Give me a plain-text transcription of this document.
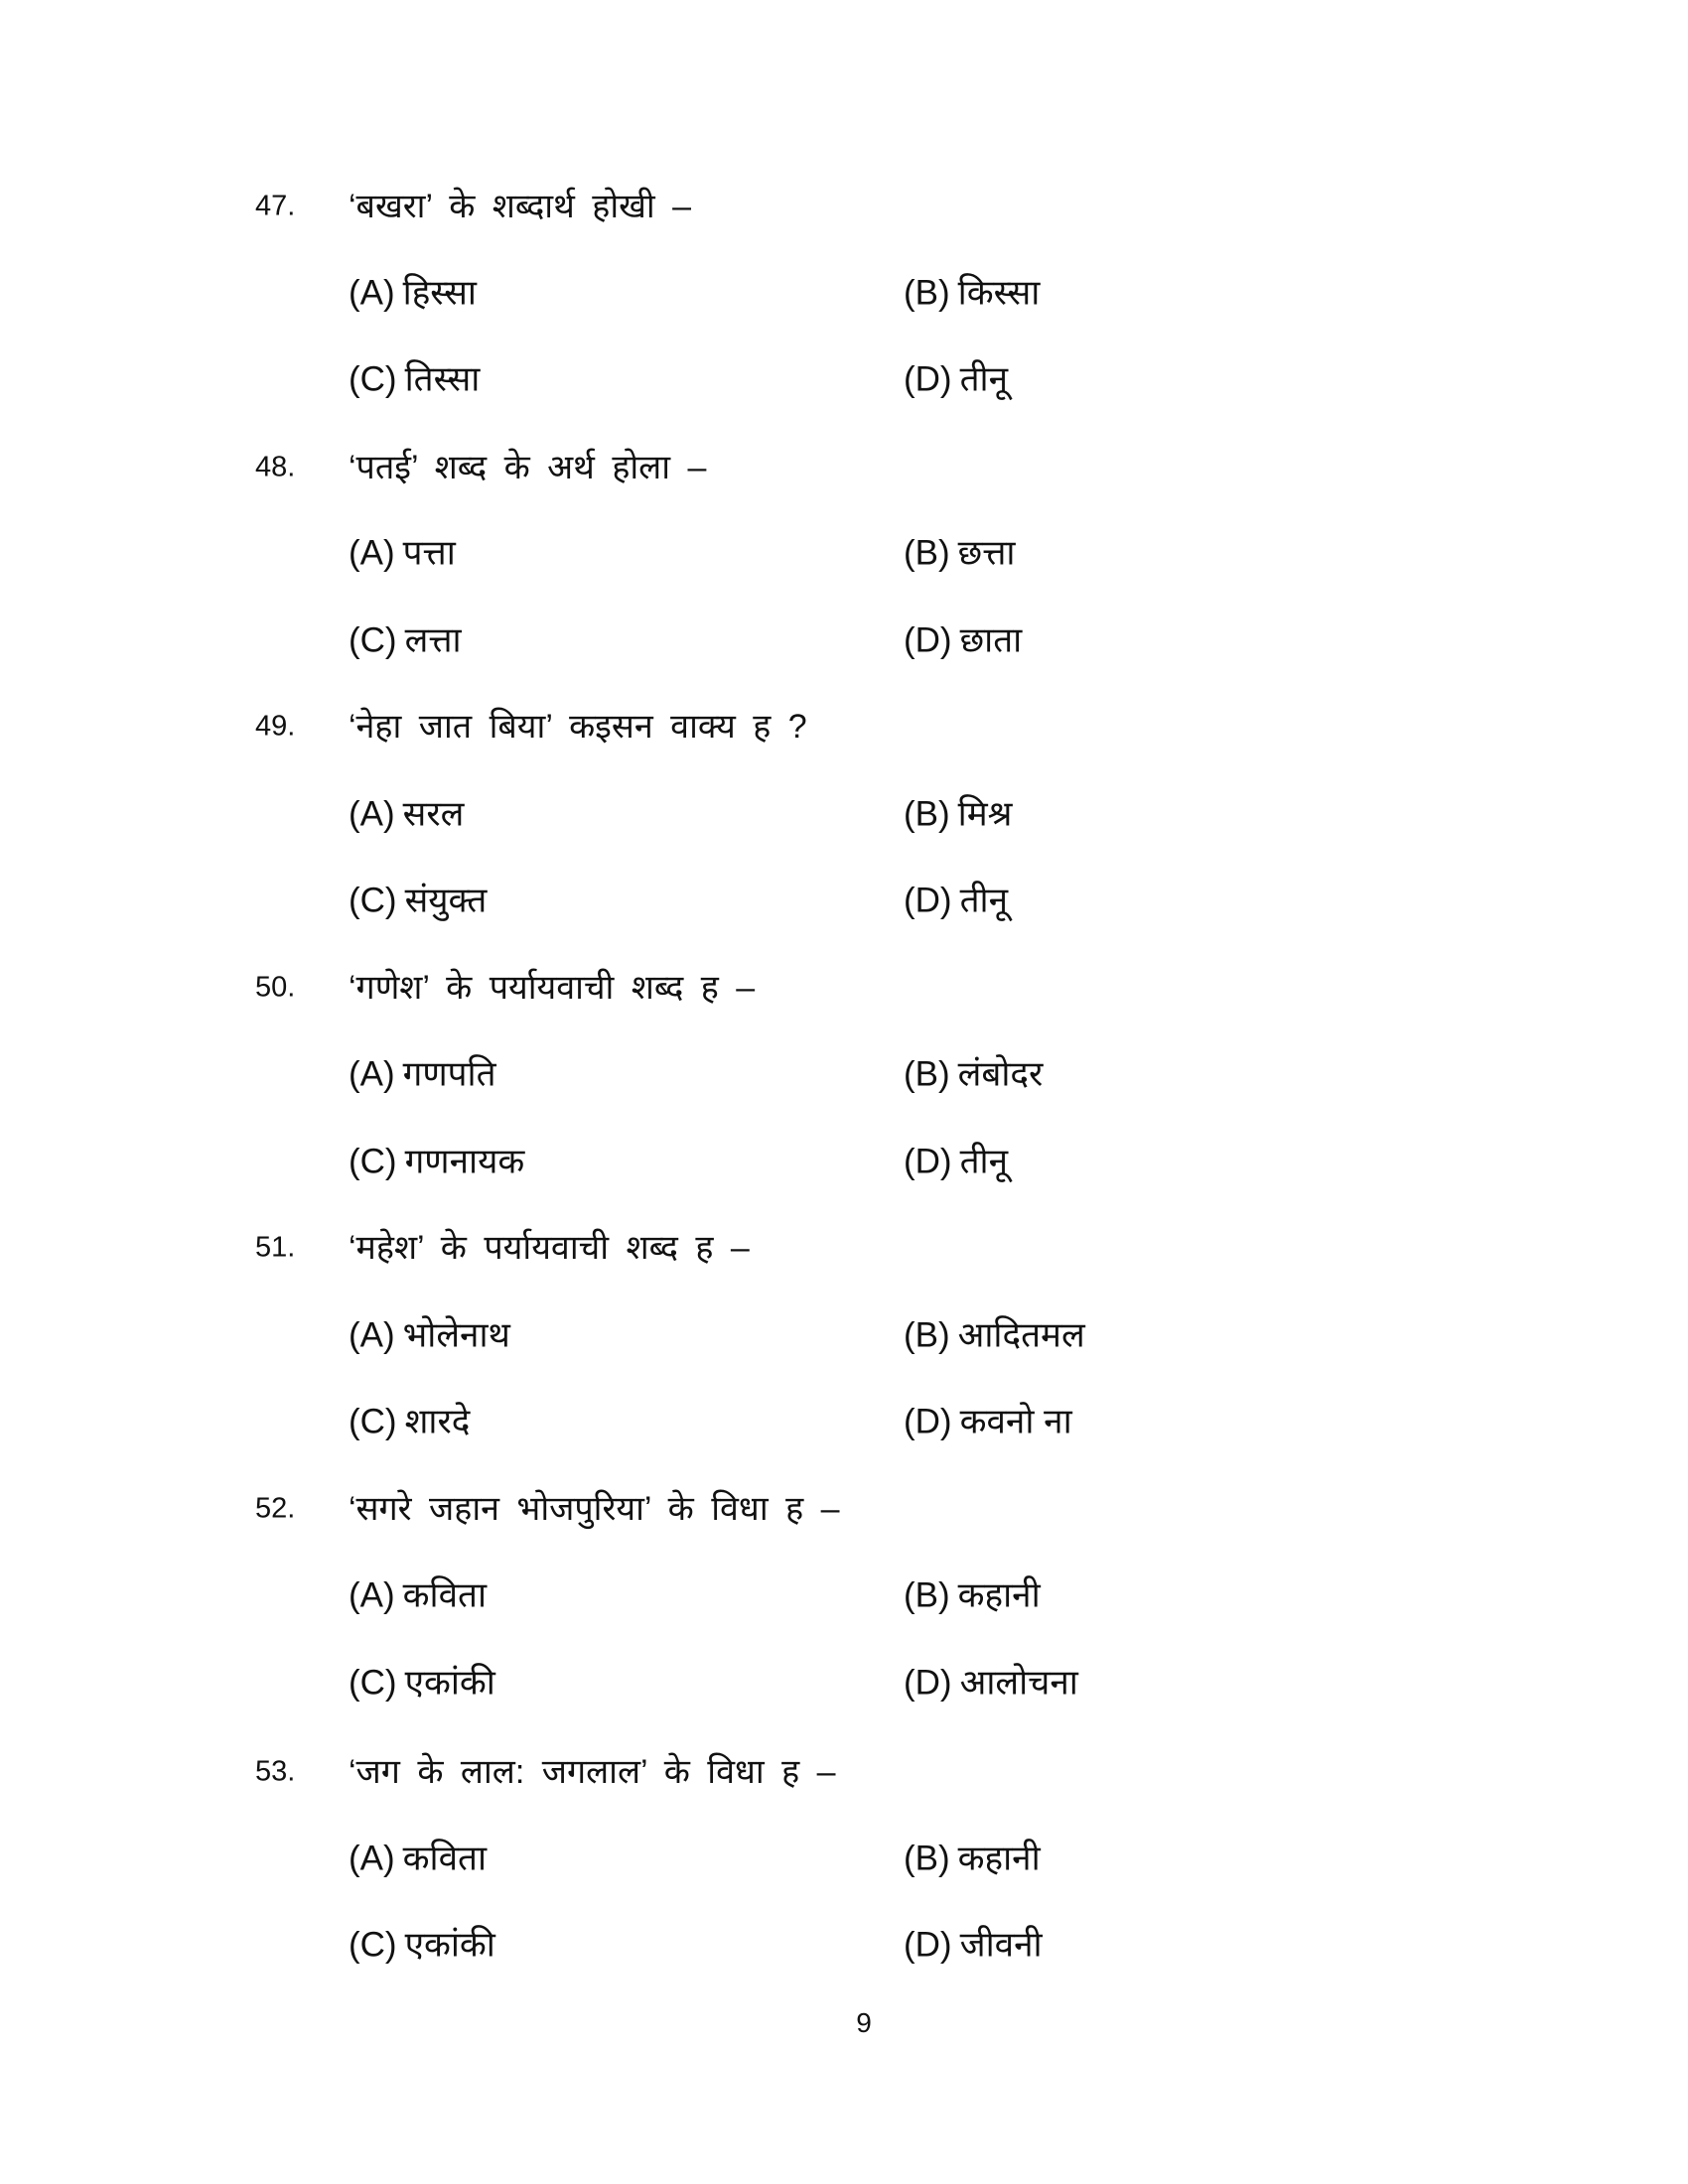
47. ‘बखरा’ के शब्दार्थ होखी –
(A) हिस्सा	(B) किस्सा
(C) तिस्सा	(D) तीनू
48. ‘पतई’ शब्द के अर्थ होला –
(A) पत्ता	(B) छत्ता
(C) लत्ता	(D) छाता
49. ‘नेहा जात बिया’ कइसन वाक्य ह ?
(A) सरल	(B) मिश्र
(C) संयुक्त	(D) तीनू
50. ‘गणेश’ के पर्यायवाची शब्द ह –
(A) गणपति	(B) लंबोदर
(C) गणनायक	(D) तीनू
51. ‘महेश’ के पर्यायवाची शब्द ह –
(A) भोलेनाथ	(B) आदितमल
(C) शारदे	(D) कवनो ना
52. ‘सगरे जहान भोजपुरिया’ के विधा ह –
(A) कविता	(B) कहानी
(C) एकांकी	(D) आलोचना
53. ‘जग के लाल: जगलाल’ के विधा ह –
(A) कविता	(B) कहानी
(C) एकांकी	(D) जीवनी
9
